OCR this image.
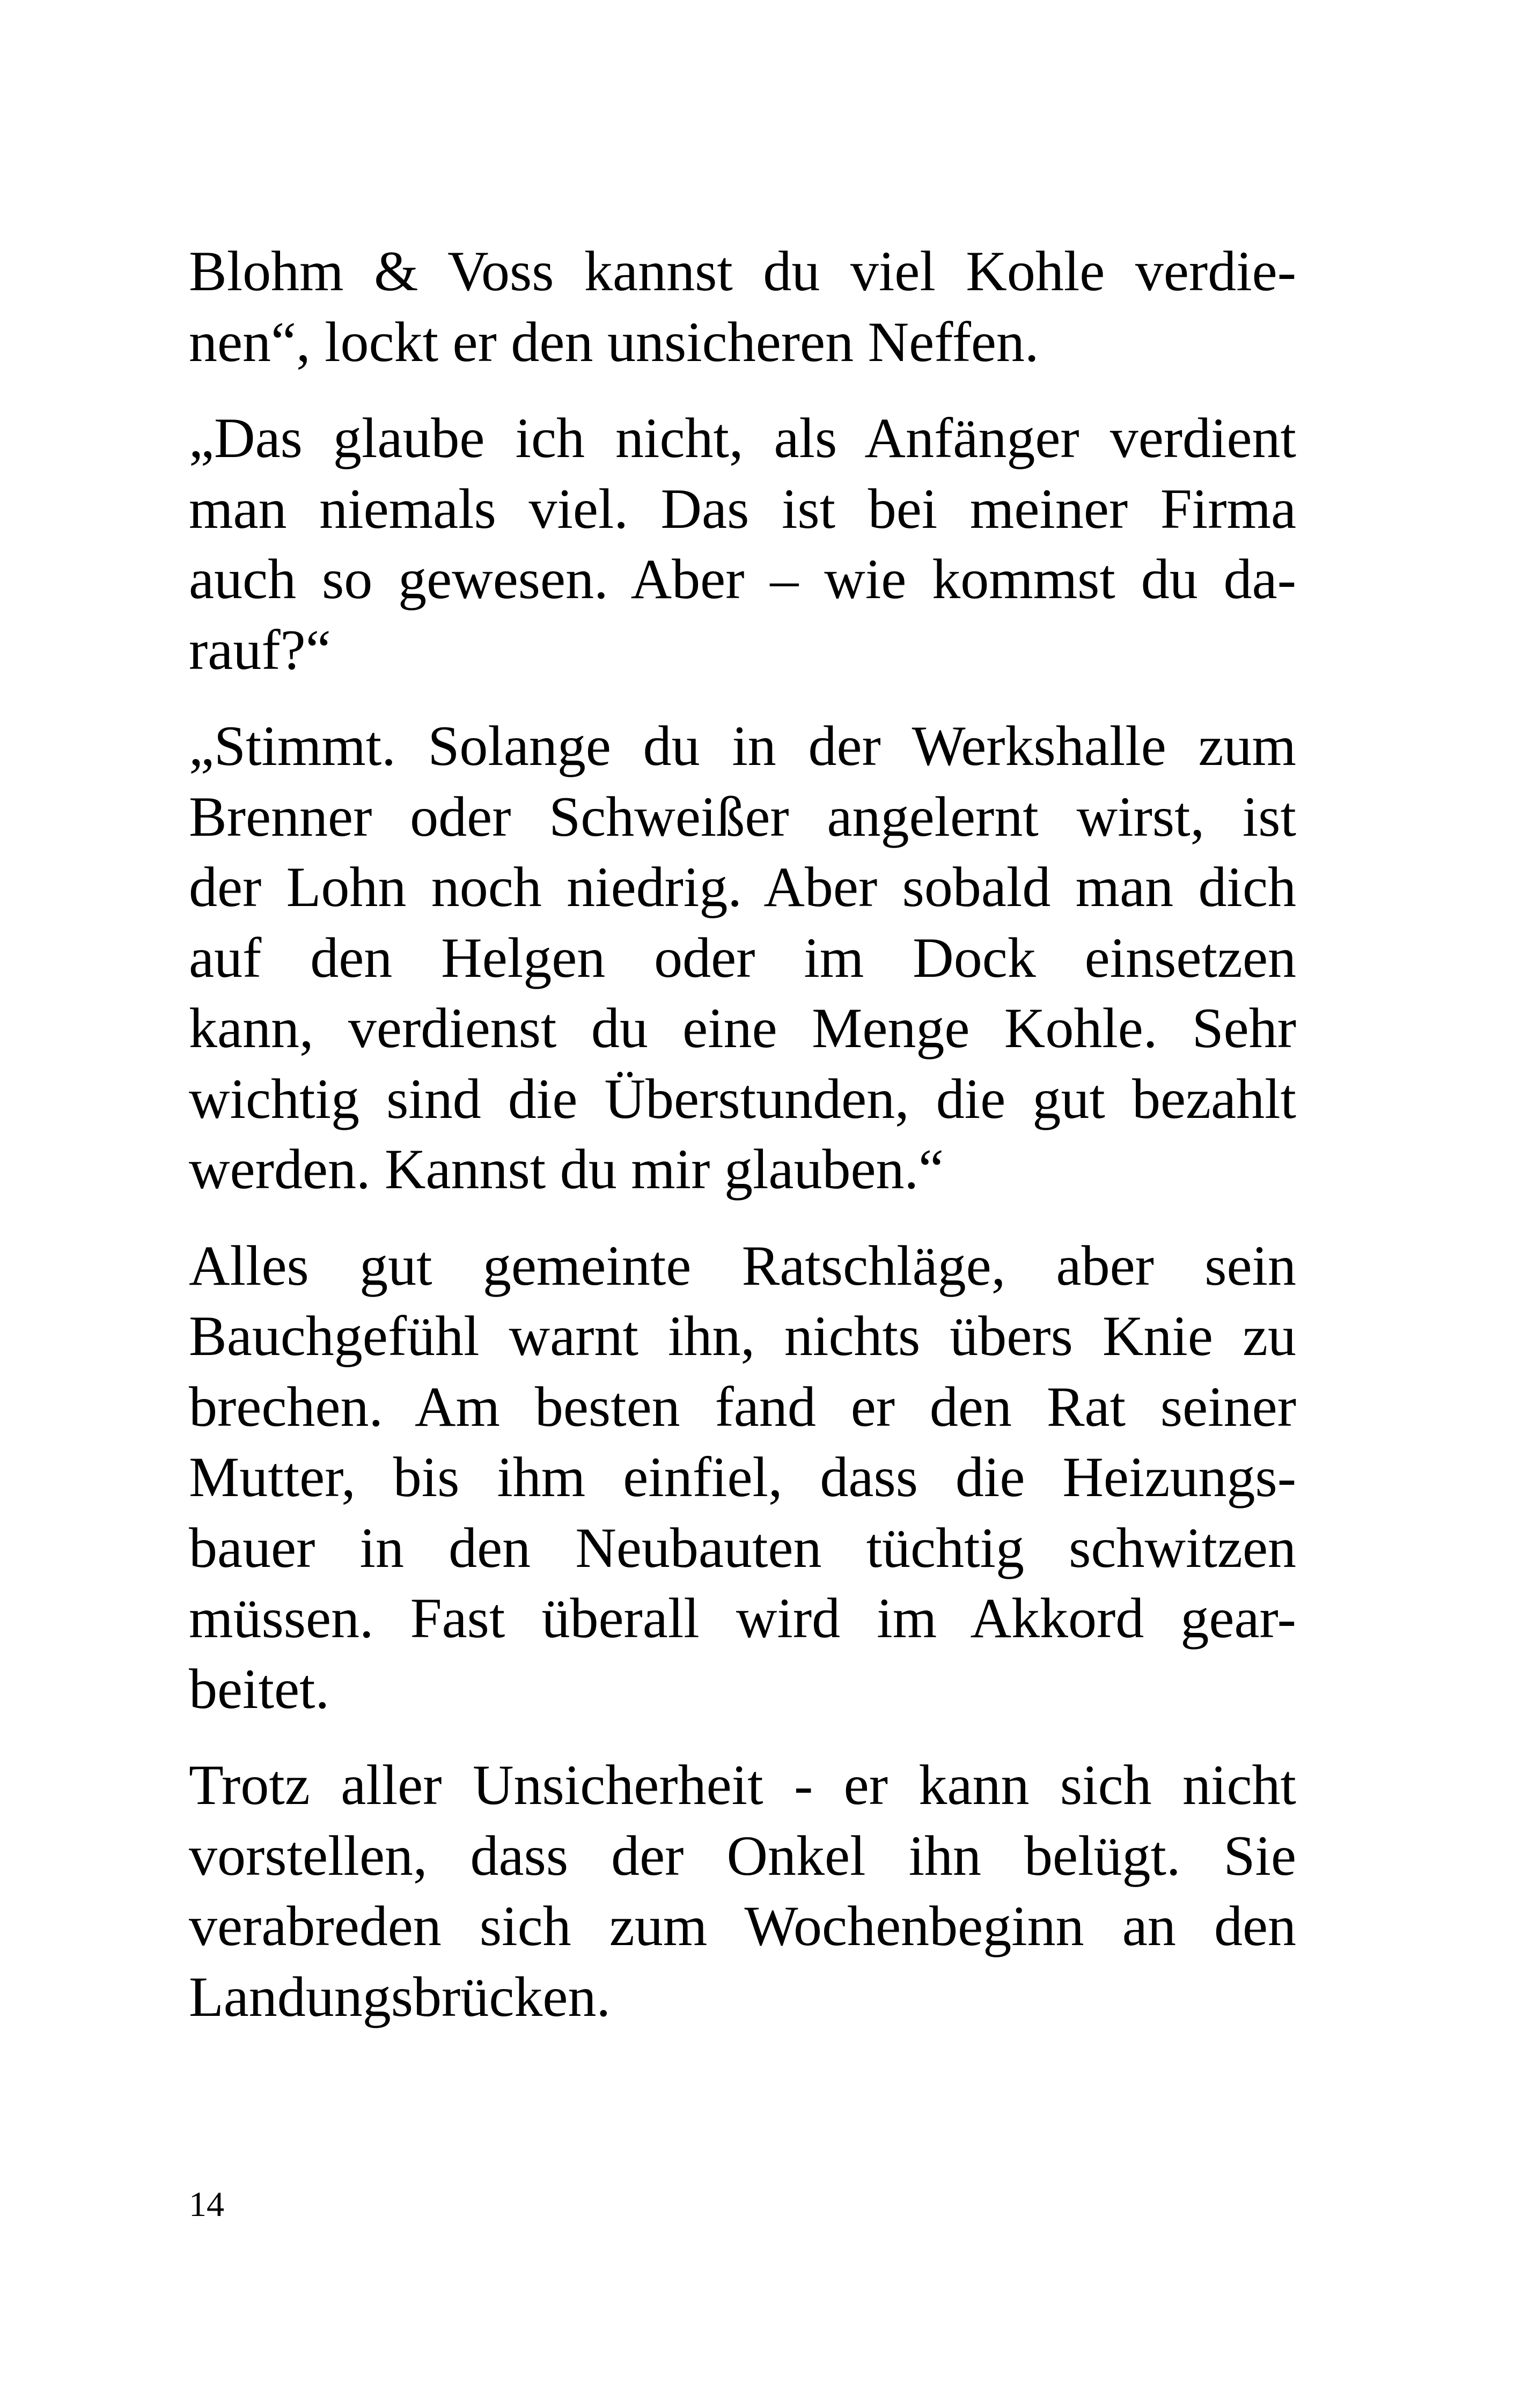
Blohm & Voss kannst du viel Kohle verdie-
nen“, lockt er den unsicheren Neffen.
„Das glaube ich nicht, als Anfänger verdient
man niemals viel. Das ist bei meiner Firma
auch so gewesen. Aber – wie kommst du da-
rauf?“
„Stimmt. Solange du in der Werkshalle zum
Brenner oder Schweißer angelernt wirst, ist
der Lohn noch niedrig. Aber sobald man dich
auf den Helgen oder im Dock einsetzen
kann, verdienst du eine Menge Kohle. Sehr
wichtig sind die Überstunden, die gut bezahlt
werden. Kannst du mir glauben.“
Alles gut gemeinte Ratschläge, aber sein
Bauchgefühl warnt ihn, nichts übers Knie zu
brechen. Am besten fand er den Rat seiner
Mutter, bis ihm einfiel, dass die Heizungs-
bauer in den Neubauten tüchtig schwitzen
müssen. Fast überall wird im Akkord gear-
beitet.
Trotz aller Unsicherheit - er kann sich nicht
vorstellen, dass der Onkel ihn belügt. Sie
verabreden sich zum Wochenbeginn an den
Landungsbrücken.
14
